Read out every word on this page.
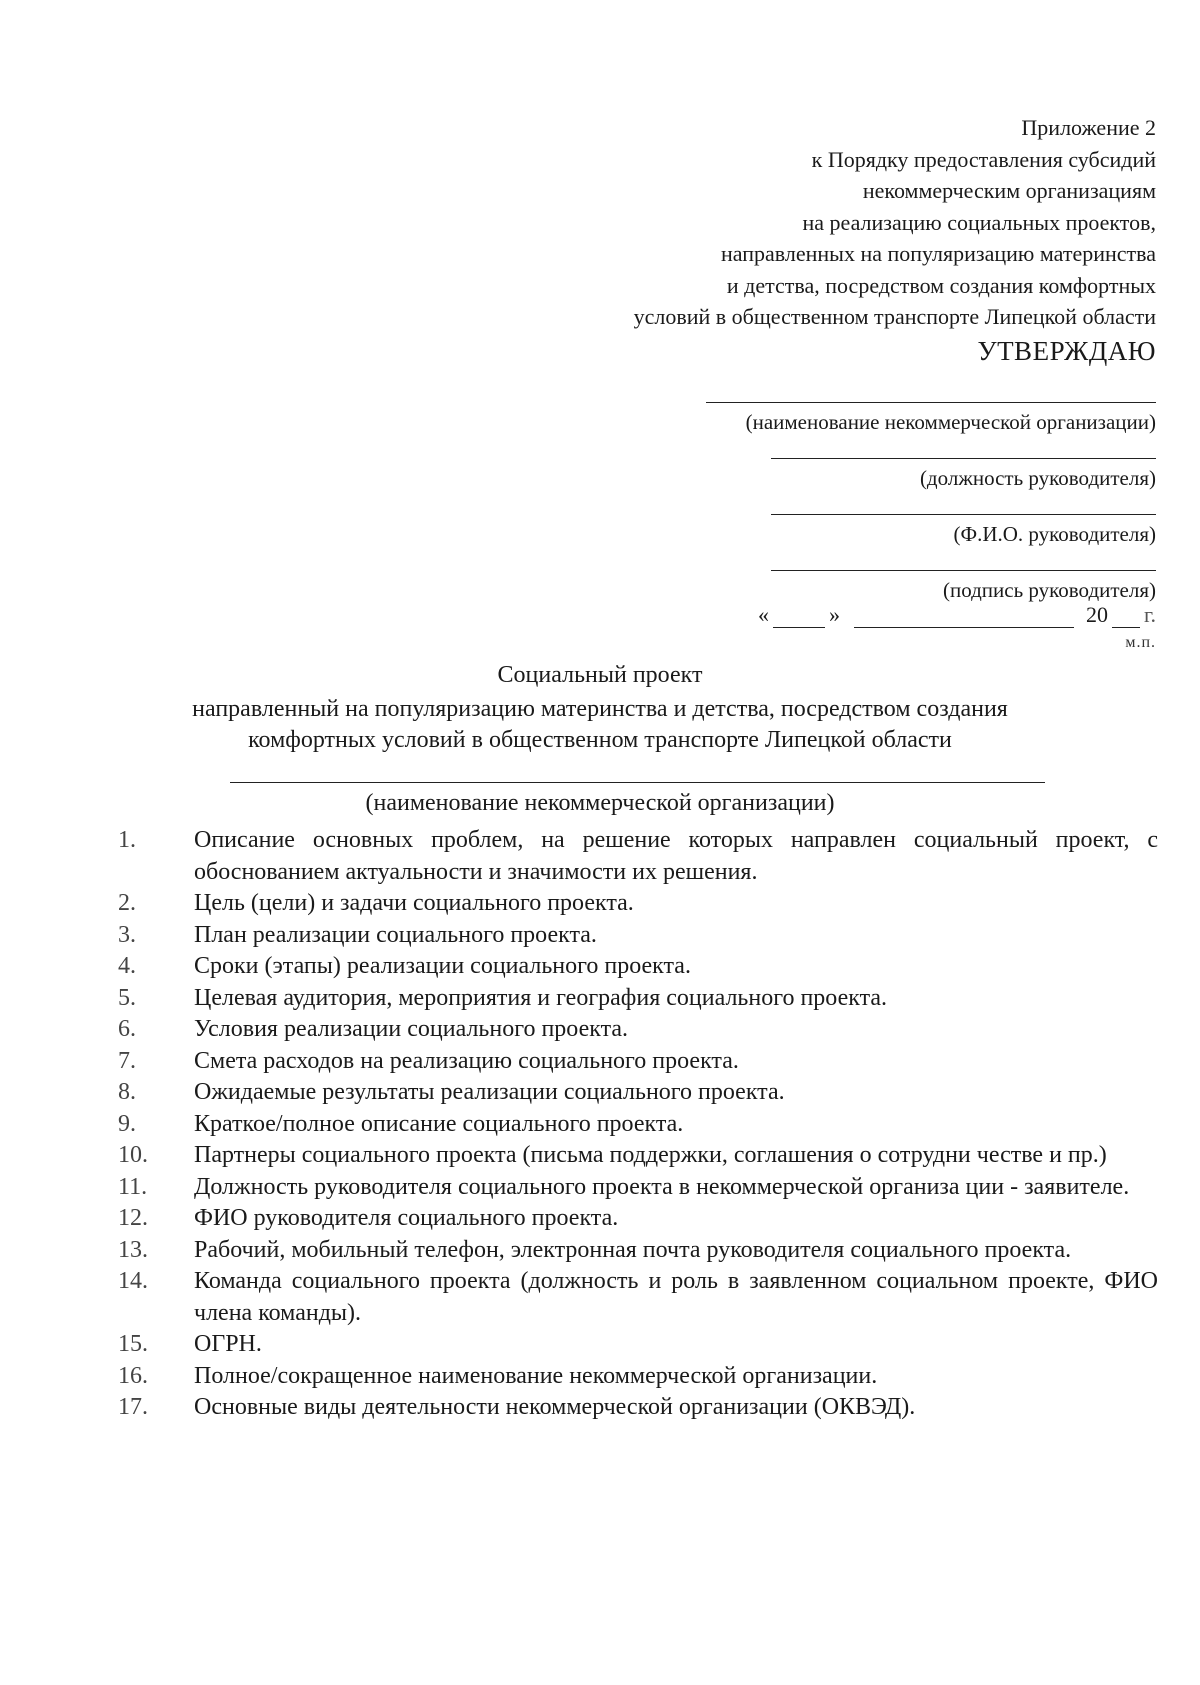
Приложение 2
к Порядку предоставления субсидий
некоммерческим организациям
на реализацию социальных проектов,
направленных на популяризацию материнства
и детства, посредством создания комфортных
условий в общественном транспорте Липецкой области
УТВЕРЖДАЮ
(наименование некоммерческой организации)
(должность руководителя)
(Ф.И.О. руководителя)
(подпись руководителя)
«	»	20 г.
м.п.
Социальный проект
направленный на популяризацию материнства и детства, посредством создания
комфортных условий в общественном транспорте Липецкой области
(наименование некоммерческой организации)
1.	Описание основных проблем, на решение которых направлен социальный проект, с обоснованием актуальности и значимости их решения.
2.	Цель (цели) и задачи социального проекта.
3.	План реализации социального проекта.
4.	Сроки (этапы) реализации социального проекта.
5.	Целевая аудитория, мероприятия и география социального проекта.
6.	Условия реализации социального проекта.
7.	Смета расходов на реализацию социального проекта.
8.	Ожидаемые результаты реализации социального проекта.
9.	Краткое/полное описание социального проекта.
10.	Партнеры социального проекта (письма поддержки, соглашения о сотрудни честве и пр.)
11.	Должность руководителя социального проекта в некоммерческой организа ции - заявителе.
12.	ФИО руководителя социального проекта.
13.	Рабочий, мобильный телефон, электронная почта руководителя социального проекта.
14.	Команда социального проекта (должность и роль в заявленном социальном проекте, ФИО члена команды).
15.	ОГРН.
16.	Полное/сокращенное наименование некоммерческой организации.
17.	Основные виды деятельности некоммерческой организации (ОКВЭД).
